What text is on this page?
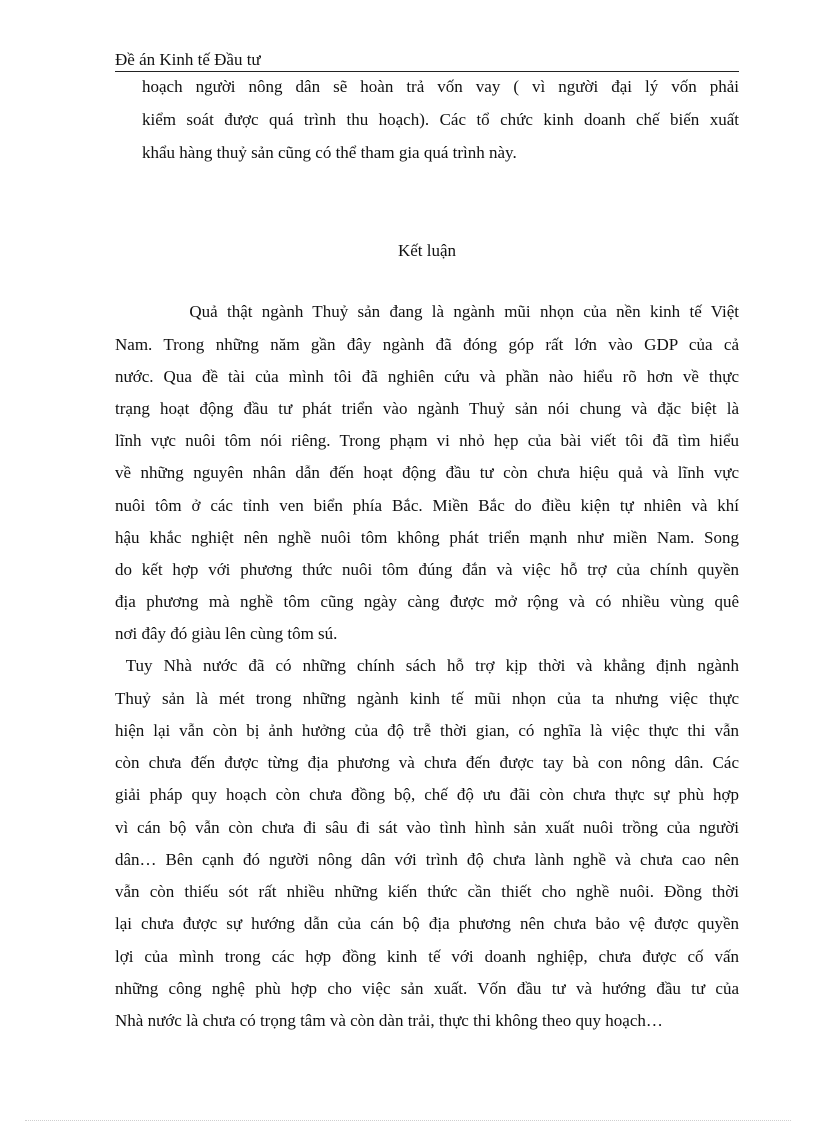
Đề án Kinh tế Đầu tư
hoạch người nông dân sẽ hoàn trả vốn vay ( vì người đại lý vốn phải
kiểm soát được quá trình thu hoạch). Các tổ chức kinh doanh chế biến xuất
khẩu hàng thuỷ sản cũng có thể tham gia quá trình này.
Kết luận
Quả thật ngành Thuỷ sản đang là ngành mũi nhọn của nền kinh tế Việt
Nam. Trong những năm gần đây ngành đã đóng góp rất lớn vào GDP của cả
nước. Qua đề tài của mình tôi đã nghiên cứu và phần nào hiểu rõ hơn về thực
trạng hoạt động đầu tư phát triển vào ngành Thuỷ sản nói chung và đặc biệt là
lĩnh vực nuôi tôm nói riêng. Trong phạm vi nhỏ hẹp của bài viết tôi đã tìm hiểu
về những nguyên nhân dẫn đến hoạt động đầu tư còn chưa hiệu quả và lĩnh vực
nuôi tôm ở các tỉnh ven biển phía Bắc. Miền Bắc do điều kiện tự nhiên và khí
hậu khắc nghiệt nên nghề nuôi tôm không phát triển mạnh như miền Nam. Song
do kết hợp với phương thức nuôi tôm đúng đắn và việc hỗ trợ của chính quyền
địa phương mà nghề tôm cũng ngày càng được mở rộng và có nhiều vùng quê
nơi đây đó giàu lên cùng tôm sú.
Tuy Nhà nước đã có những chính sách hỗ trợ kịp thời và khẳng định ngành
Thuỷ sản là mét trong những ngành kinh tế mũi nhọn của ta nhưng việc thực
hiện lại vẫn còn bị ảnh hưởng của độ trễ thời gian, có nghĩa là việc thực thi vẫn
còn chưa đến được từng địa phương và chưa đến được tay bà con nông dân. Các
giải pháp quy hoạch còn chưa đồng bộ, chế độ ưu đãi còn chưa thực sự phù hợp
vì cán bộ vẫn còn chưa đi sâu đi sát vào tình hình sản xuất nuôi trồng của người
dân… Bên cạnh đó người nông dân với trình độ chưa lành nghề và chưa cao nên
vẫn còn thiếu sót rất nhiều những kiến thức cần thiết cho nghề nuôi. Đồng thời
lại chưa được sự hướng dẫn của cán bộ địa phương nên chưa bảo vệ được quyền
lợi của mình trong các hợp đồng kinh tế với doanh nghiệp, chưa được cố vấn
những công nghệ phù hợp cho việc sản xuất. Vốn đầu tư và hướng đầu tư của
Nhà nước là chưa có trọng tâm và còn dàn trải, thực thi không theo quy hoạch…
